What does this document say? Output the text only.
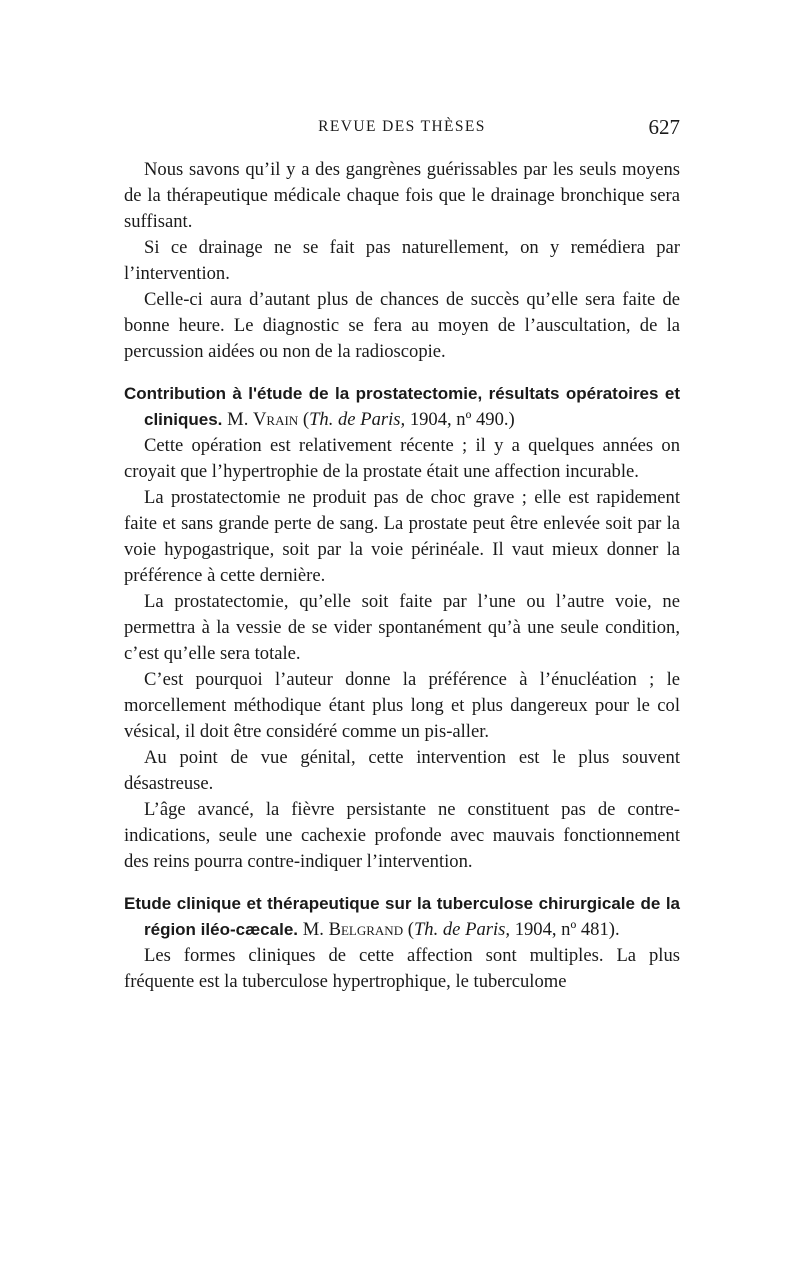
REVUE DES THÈSES	627

Nous savons qu’il y a des gangrènes guérissables par les seuls moyens de la thérapeutique médicale chaque fois que le drainage bronchique sera suffisant.

Si ce drainage ne se fait pas naturellement, on y remédiera par l’intervention.

Celle-ci aura d’autant plus de chances de succès qu’elle sera faite de bonne heure. Le diagnostic se fera au moyen de l’auscultation, de la percussion aidées ou non de la radioscopie.

Contribution à l'étude de la prostatectomie, résultats opératoires et cliniques. M. Vrain (Th. de Paris, 1904, nº 490.)

Cette opération est relativement récente ; il y a quelques années on croyait que l’hypertrophie de la prostate était une affection incurable.

La prostatectomie ne produit pas de choc grave ; elle est rapidement faite et sans grande perte de sang. La prostate peut être enlevée soit par la voie hypogastrique, soit par la voie périnéale. Il vaut mieux donner la préférence à cette dernière.

La prostatectomie, qu’elle soit faite par l’une ou l’autre voie, ne permettra à la vessie de se vider spontanément qu’à une seule condition, c’est qu’elle sera totale.

C’est pourquoi l’auteur donne la préférence à l’énucléation ; le morcellement méthodique étant plus long et plus dangereux pour le col vésical, il doit être considéré comme un pis-aller.

Au point de vue génital, cette intervention est le plus souvent désastreuse.

L’âge avancé, la fièvre persistante ne constituent pas de contre-indications, seule une cachexie profonde avec mauvais fonctionnement des reins pourra contre-indiquer l’intervention.

Etude clinique et thérapeutique sur la tuberculose chirurgicale de la région iléo-cæcale. M. Belgrand (Th. de Paris, 1904, nº 481).

Les formes cliniques de cette affection sont multiples. La plus fréquente est la tuberculose hypertrophique, le tuberculome
